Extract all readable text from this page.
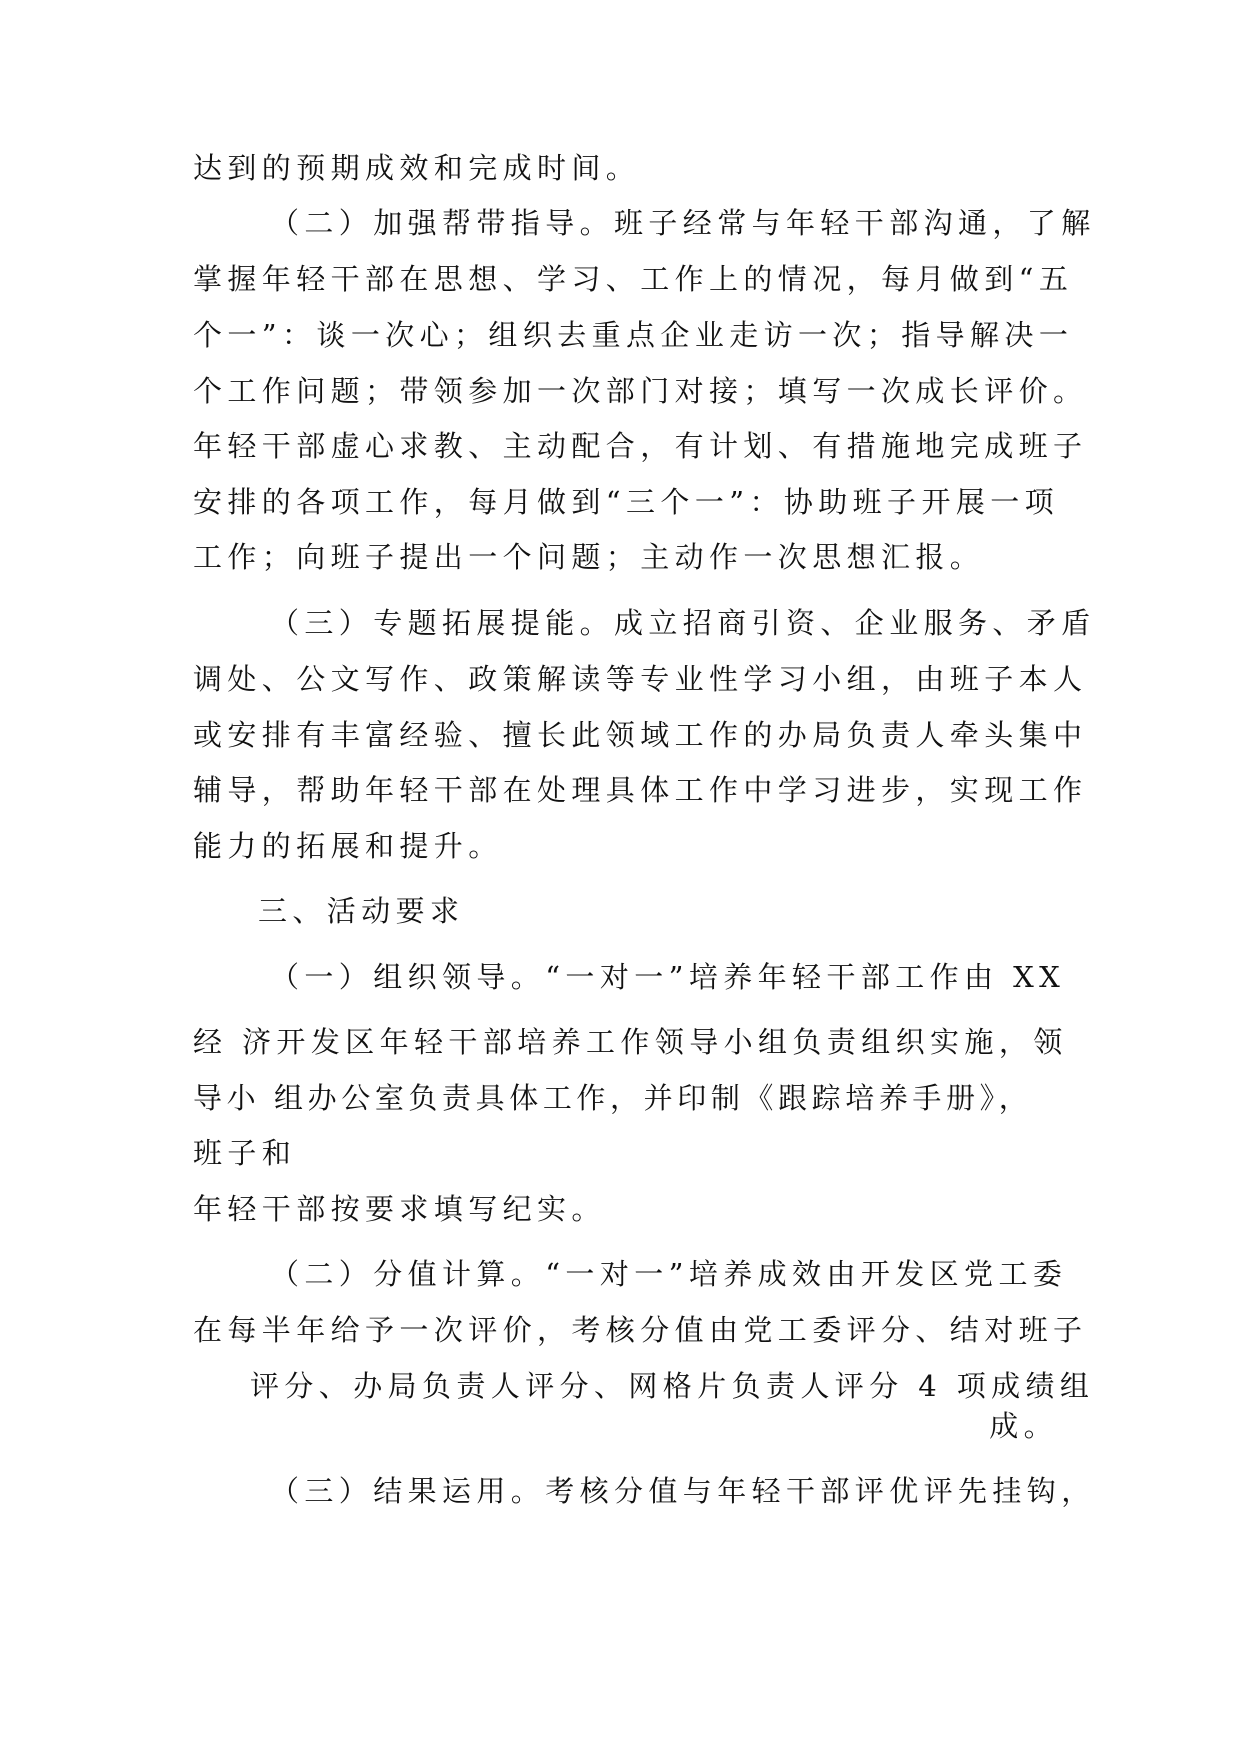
达到的预期成效和完成时间。
（二）加强帮带指导。班子经常与年轻干部沟通，了解
掌握年轻干部在思想、学习、工作上的情况，每月做到“五
个一”：谈一次心；组织去重点企业走访一次；指导解决一
个工作问题；带领参加一次部门对接；填写一次成长评价。
年轻干部虚心求教、主动配合，有计划、有措施地完成班子
安排的各项工作，每月做到“三个一”：协助班子开展一项
工作；向班子提出一个问题；主动作一次思想汇报。
（三）专题拓展提能。成立招商引资、企业服务、矛盾
调处、公文写作、政策解读等专业性学习小组，由班子本人
或安排有丰富经验、擅长此领域工作的办局负责人牵头集中
辅导，帮助年轻干部在处理具体工作中学习进步，实现工作
能力的拓展和提升。
三、活动要求
（一）组织领导。“一对一”培养年轻干部工作由 XX
经 济开发区年轻干部培养工作领导小组负责组织实施，领
导小 组办公室负责具体工作，并印制《跟踪培养手册》，
班子和
年轻干部按要求填写纪实。
（二）分值计算。“一对一”培养成效由开发区党工委
在每半年给予一次评价，考核分值由党工委评分、结对班子
评分、办局负责人评分、网格片负责人评分 4 项成绩组
成。
（三）结果运用。考核分值与年轻干部评优评先挂钩，
